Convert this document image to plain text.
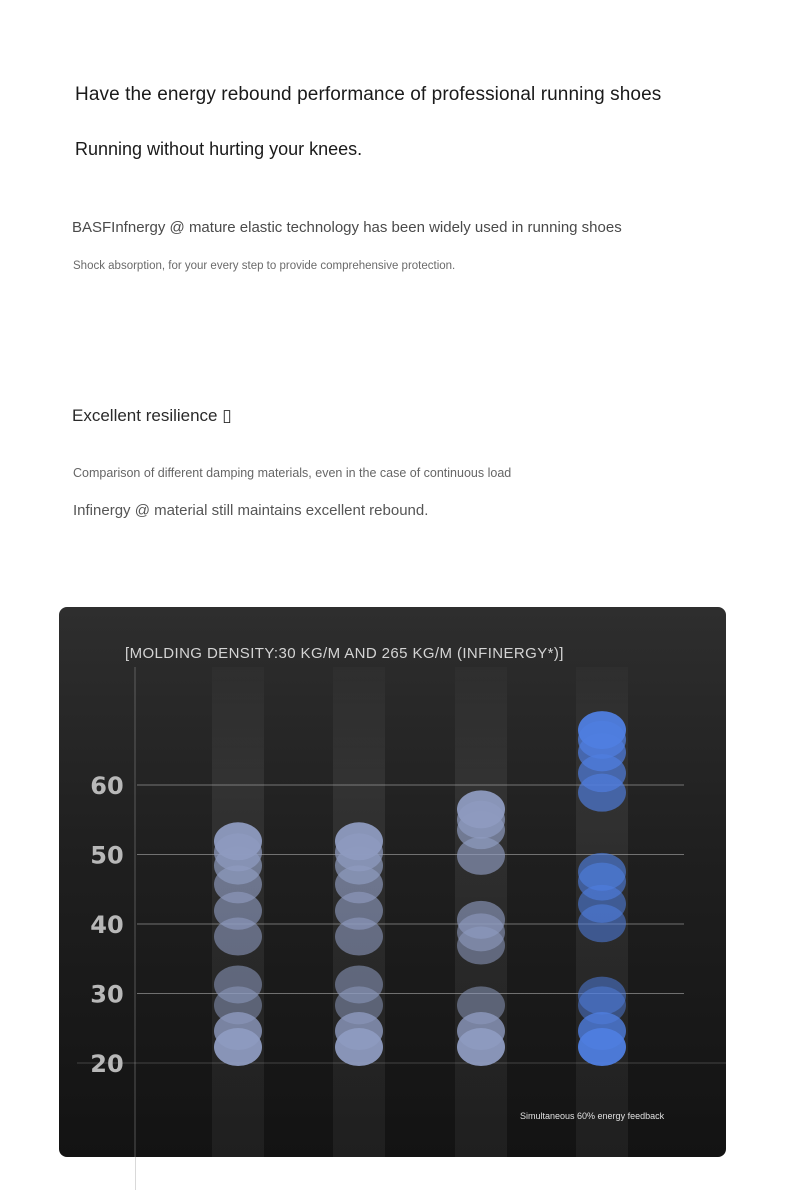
Have the energy rebound performance of professional running shoes

Running without hurting your knees.

BASFInfnergy @ mature elastic technology has been widely used in running shoes

Shock absorption, for your every step to provide comprehensive protection.

Excellent resilience ▯

Comparison of different damping materials, even in the case of continuous load

Infinergy @ material still maintains excellent rebound.

20
30
40
50
60
[MOLDING DENSITY:30 KG/M AND 265 KG/M (INFINERGY*)]
Simultaneous 60% energy feedback
